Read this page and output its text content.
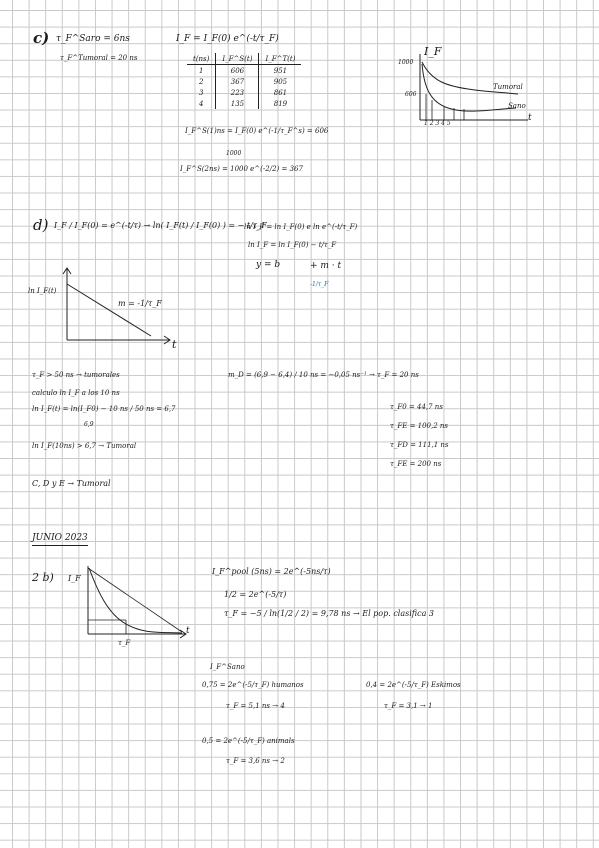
c) τ_F^Saro = 6ns
τ_F^Tumoral = 20 ns
I_F = I_F(0) e^(-t/τ_F)
t(ns)	I_F^S(t)	I_F^T(t)
1	606	951
2	367	905
3	223	861
4	135	819
I_F^S(1)ns = I_F(0) e^(-1/τ_F^s) = 606
1000
I_F^S(2ns) = 1000 e^(-2/2) = 367
I_F
1000
606
Tumoral
Sano
t
1 2 3 4 5
d) I_F / I_F(0) = e^(-t/τ) → ln( I_F(t) / I_F(0) ) = − t/τ_F
ln I_F = ln I_F(0) e ln e^(-t/τ_F)
ln I_F = ln I_F(0) − t/τ_F
y = b	+ m · t
-1/τ_F
ln I_F(t)
m = -1/τ_F
t
τ_F > 50 ns → tumorales
calculo ln I_F a los 10 ns
ln I_F(t) = ln(I_F0) − 10 ns / 50 ns = 6,7
6,9
ln I_F(10ns) > 6,7 → Tumoral
C, D y E → Tumoral
m_D = (6,9 − 6,4) / 10 ns = −0,05 ns⁻¹ → τ_F = 20 ns
τ_F0 = 44,7 ns
τ_FE = 100,2 ns
τ_FD = 111,1 ns
τ_FE = 200 ns
JUNIO 2023
2 b) I_F
τ_F
t
I_F^pool (5ns) = 2e^(-5ns/τ)
1/2 = 2e^(-5/τ)
τ_F = −5 / ln(1/2 / 2) = 9,78 ns → El pop. clasifica 3
I_F^Sano
0,75 = 2e^(-5/τ_F) humanos
τ_F = 5,1 ns → 4
0,4 = 2e^(-5/τ_F) Eskimos
τ_F = 3,1 → 1
0,5 = 2e^(-5/τ_F) animals
τ_F = 3,6 ns → 2
